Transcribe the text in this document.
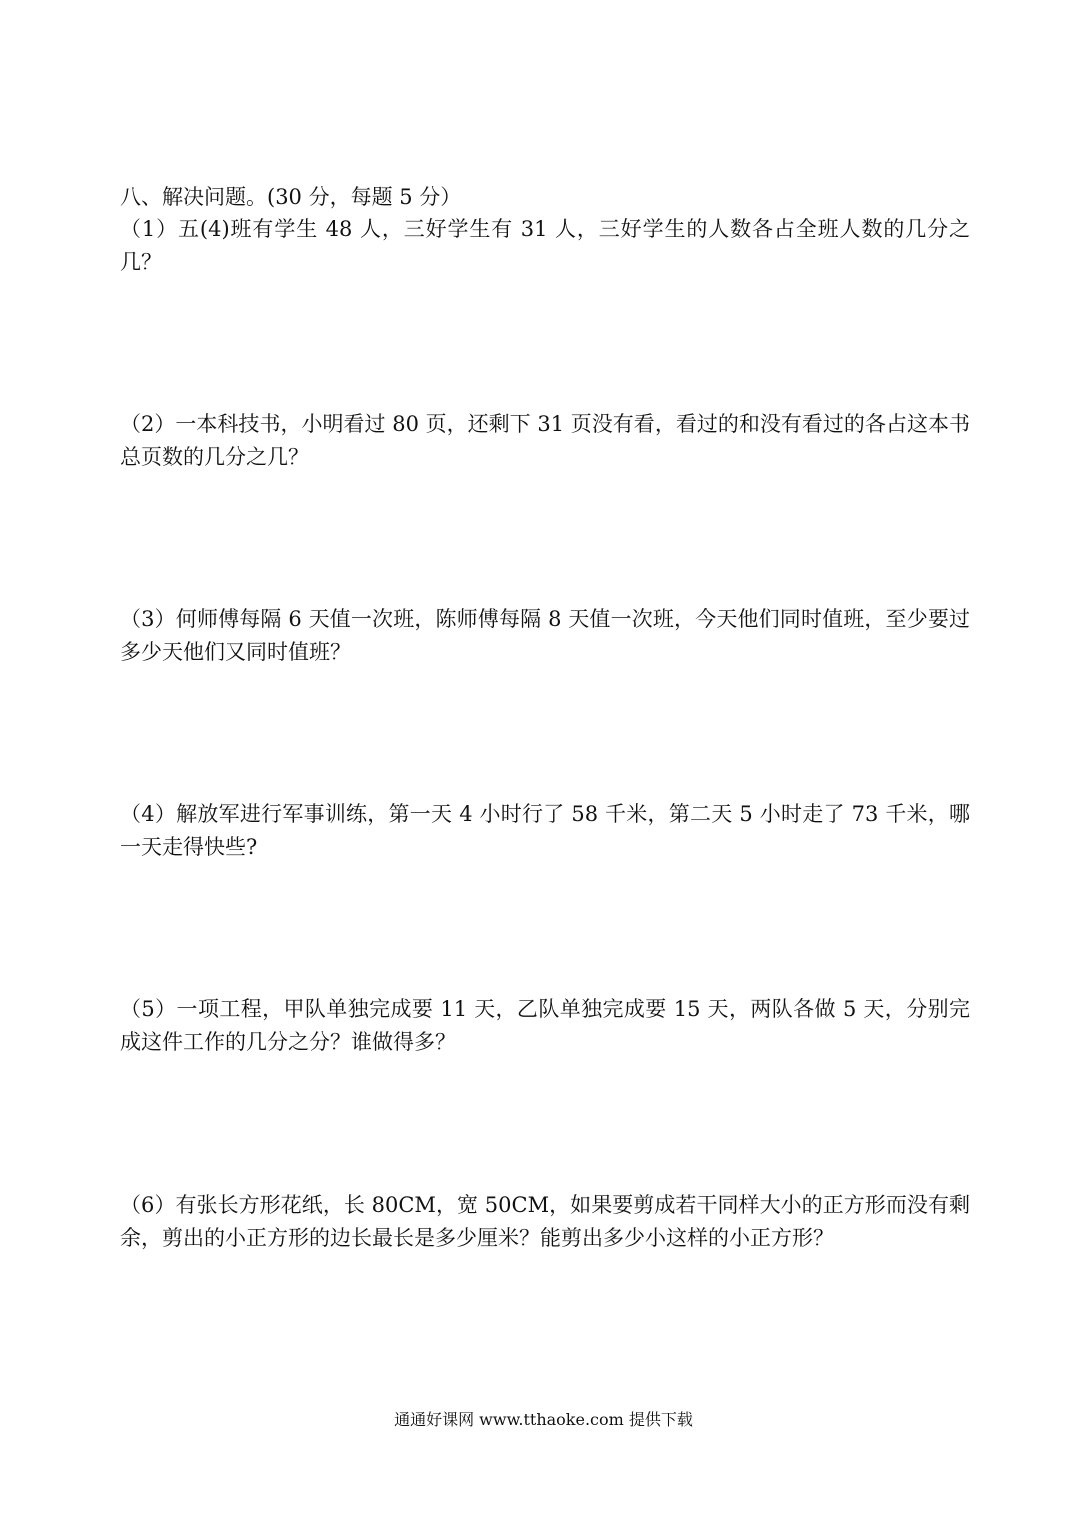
八、解决问题。(30 分，每题 5 分）
（1）五(4)班有学生 48 人，三好学生有 31 人，三好学生的人数各占全班人数的几分之几？
（2）一本科技书，小明看过 80 页，还剩下 31 页没有看，看过的和没有看过的各占这本书总页数的几分之几？
（3）何师傅每隔 6 天值一次班，陈师傅每隔 8 天值一次班，今天他们同时值班，至少要过多少天他们又同时值班？
（4）解放军进行军事训练，第一天 4 小时行了 58 千米，第二天 5 小时走了 73 千米，哪一天走得快些?
（5）一项工程，甲队单独完成要 11 天，乙队单独完成要 15 天，两队各做 5 天，分别完成这件工作的几分之分？谁做得多？
（6）有张长方形花纸，长 80CM，宽 50CM，如果要剪成若干同样大小的正方形而没有剩余，剪出的小正方形的边长最长是多少厘米？能剪出多少小这样的小正方形？
通通好课网 www.tthaoke.com 提供下载
